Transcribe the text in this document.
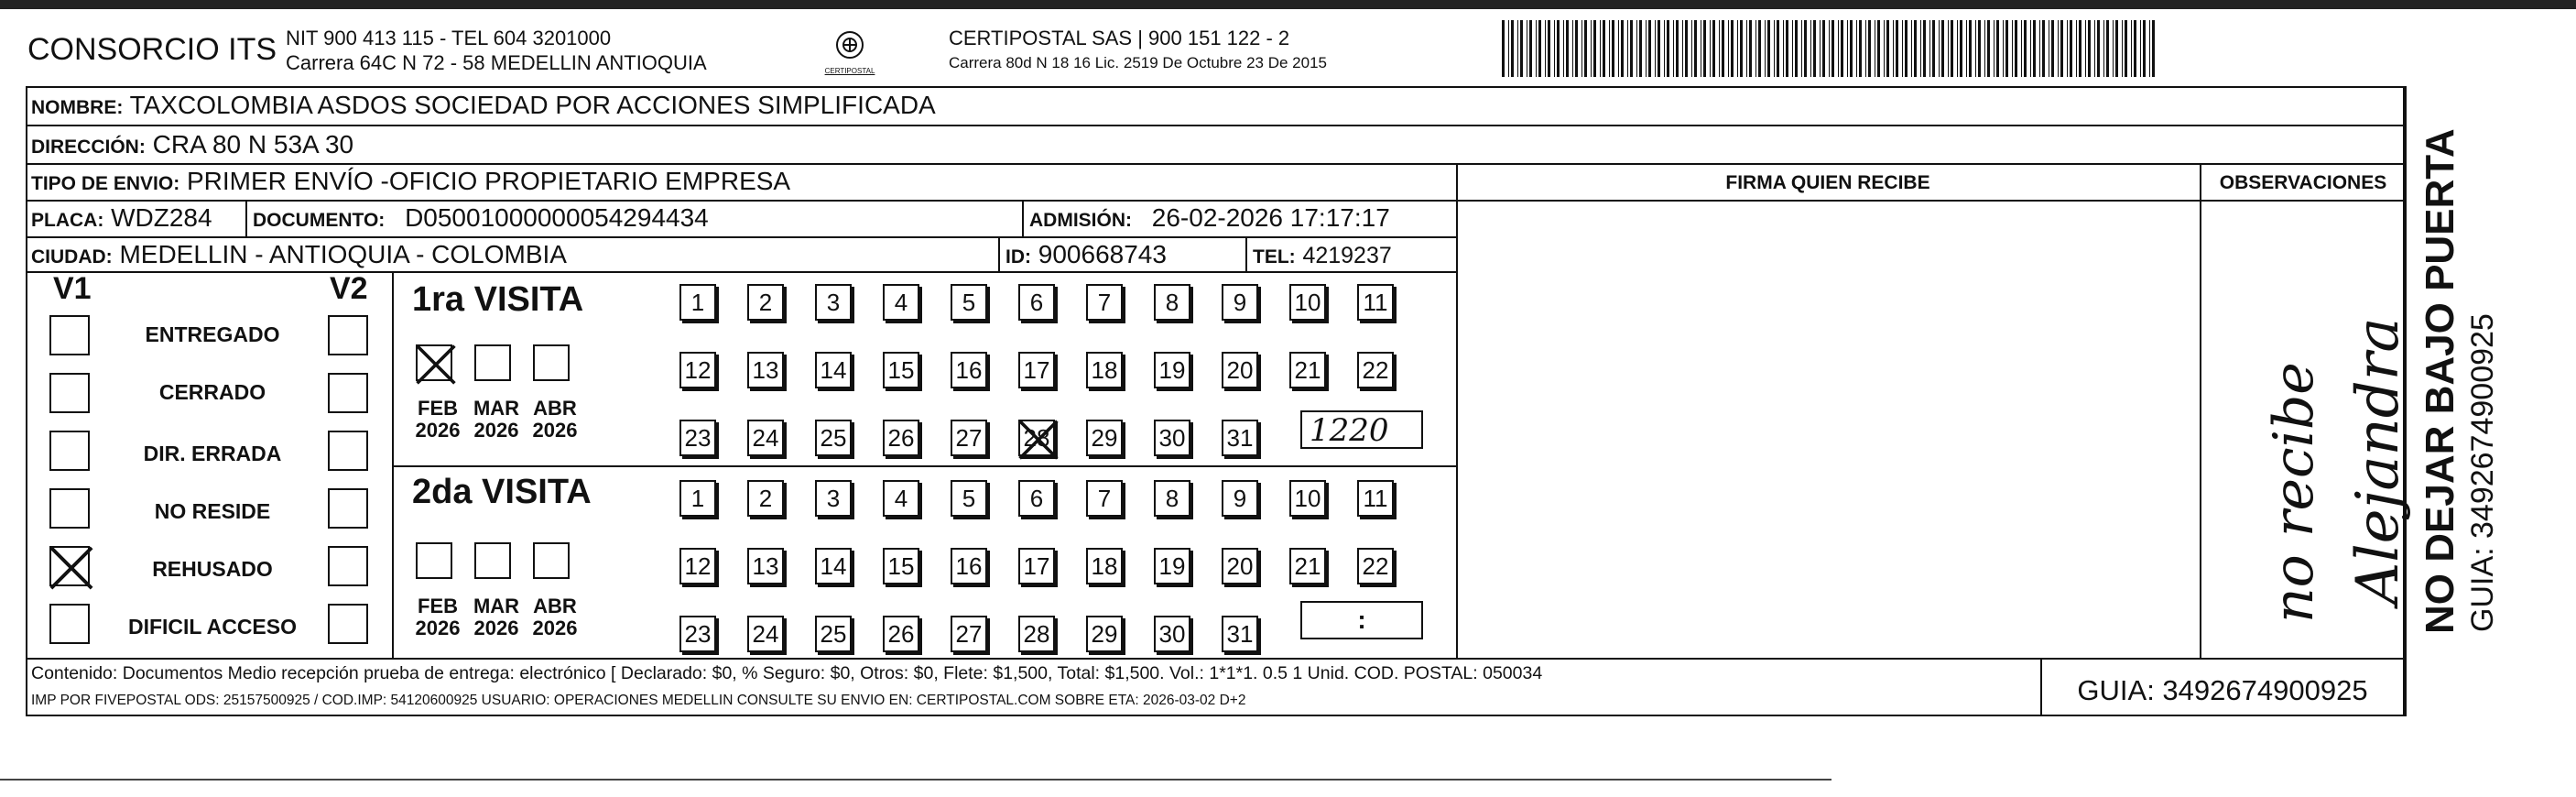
CONSORCIO ITS NIT 900 413 115 - TEL 604 3201000
Carrera 64C N 72 - 58 MEDELLIN ANTIOQUIA	CERTIPOSTAL
CERTIPOSTAL SAS | 900 151 122 - 2
Carrera 80d N 18 16 Lic. 2519 De Octubre 23 De 2015
NOMBRE: TAXCOLOMBIA ASDOS SOCIEDAD POR ACCIONES SIMPLIFICADA
DIRECCIÓN: CRA 80 N 53A 30
TIPO DE ENVIO: PRIMER ENVÍO -OFICIO PROPIETARIO EMPRESA	FIRMA QUIEN RECIBE	OBSERVACIONES
PLACA: WDZ284 DOCUMENTO: D05001000000054294434	ADMISIÓN: 26-02-2026 17:17:17
CIUDAD: MEDELLIN - ANTIOQUIA - COLOMBIA	ID: 900668743	TEL: 4219237
V1	V2
ENTREGADO
CERRADO
DIR. ERRADA
NO RESIDE
REHUSADO
DIFICIL ACCESO
1ra VISITA
FEB
2026
MAR
2026
ABR
2026
1	2	3	4	5	6	7	8	9	10 11
12 13 14 15 16 17 18 19 20 21 22
23 24 25 26 27 28 29 30 31 1220
2da VISITA
FEB
2026
MAR
2026
ABR
2026
1	2	3	4	5	6	7	8	9	10 11
12 13 14 15 16 17 18 19 20 21 22
23 24 25 26 27 28 29 30 31	:	no recibe Alejandra NO DEJAR BAJO PUERTA GUIA: 3492674900925
Contenido: Documentos Medio recepción prueba de entrega: electrónico [ Declarado: $0, % Seguro: $0, Otros: $0, Flete: $1,500, Total: $1,500. Vol.: 1*1*1. 0.5 1 Unid. COD. POSTAL: 050034
IMP POR FIVEPOSTAL ODS: 25157500925 / COD.IMP: 54120600925 USUARIO: OPERACIONES MEDELLIN CONSULTE SU ENVIO EN: CERTIPOSTAL.COM SOBRE ETA: 2026-03-02 D+2	GUIA: 3492674900925
